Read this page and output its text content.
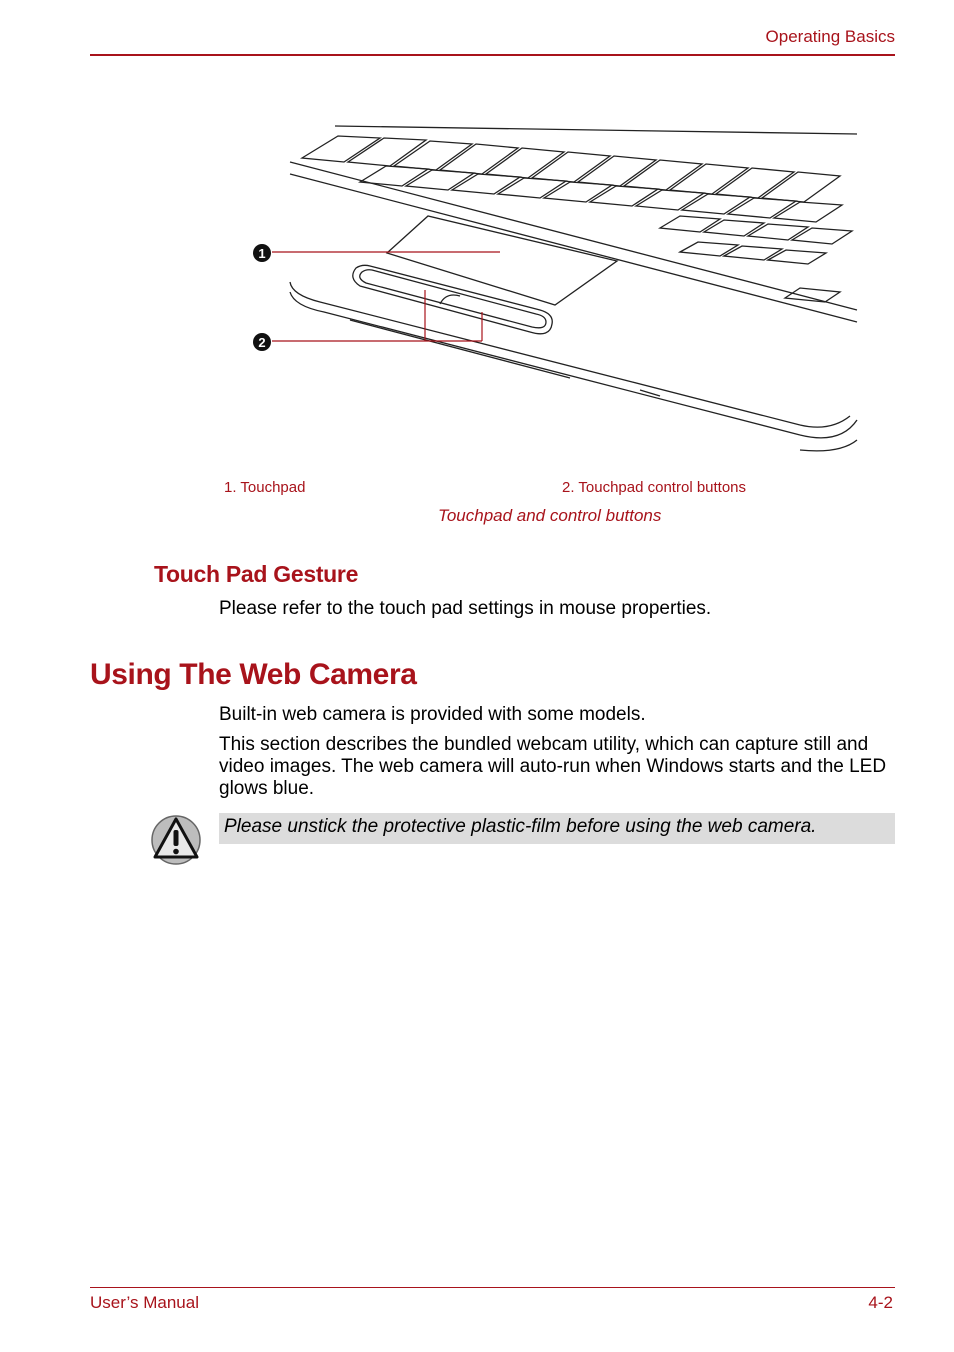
Operating Basics
1
2
1. Touchpad	2. Touchpad control buttons
Touchpad and control buttons
Touch Pad Gesture
Please refer to the touch pad settings in mouse properties.
Using The Web Camera
Built-in web camera is provided with some models.
This section describes the bundled webcam utility, which can capture still and video images. The web camera will auto-run when Windows starts and the LED glows blue.
Please unstick the protective plastic-film before using the web camera.
User’s Manual	4-2
